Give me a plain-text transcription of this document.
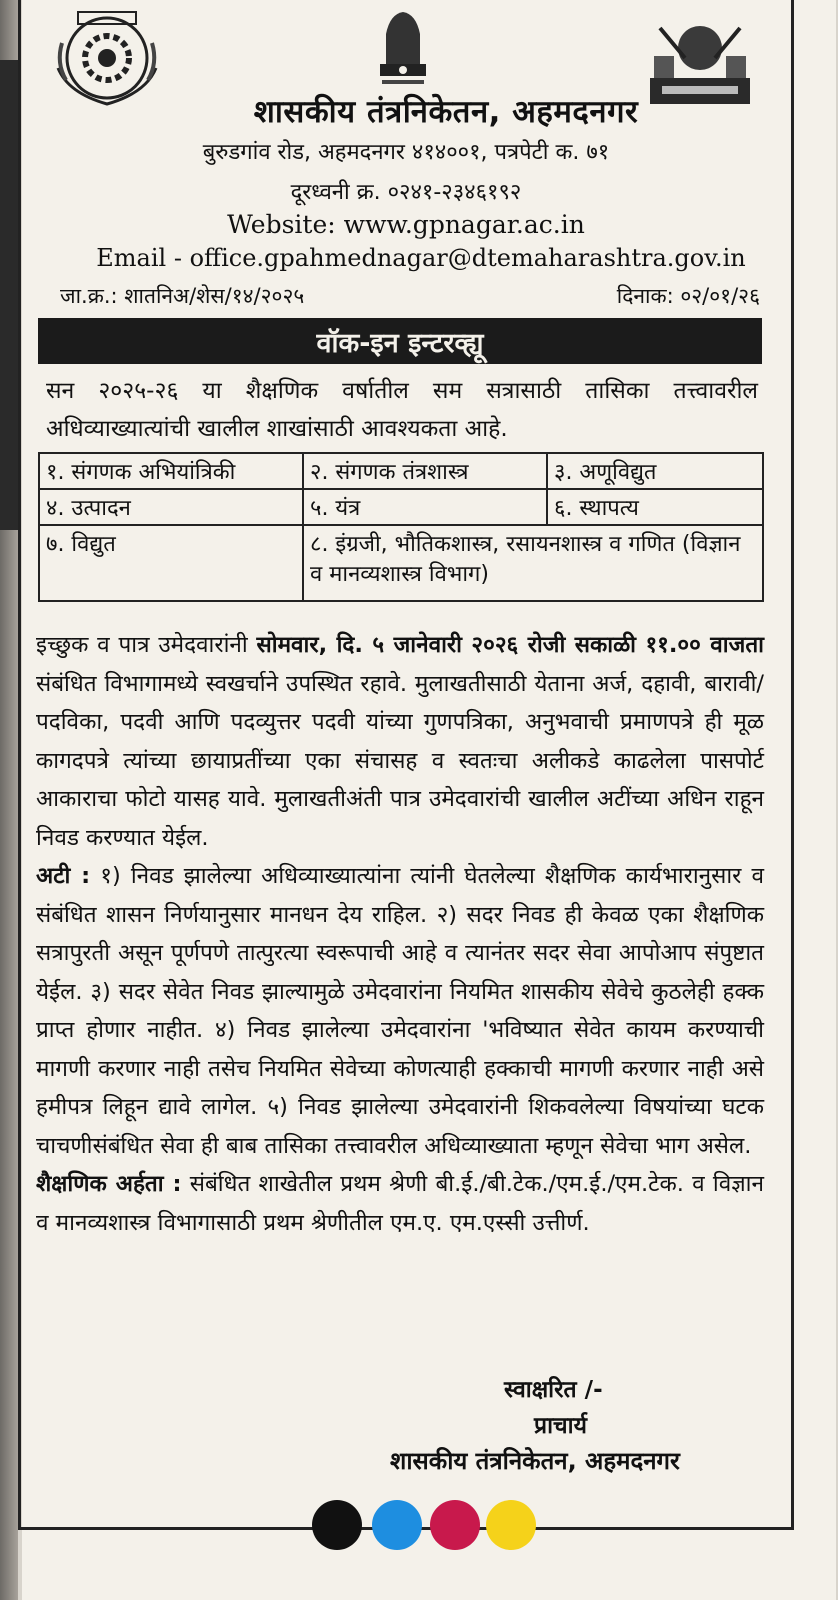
शासकीय तंत्रनिकेतन, अहमदनगर
बुरुडगांव रोड, अहमदनगर ४१४००१, पत्रपेटी क. ७१
दूरध्वनी क्र. ०२४१-२३४६१९२
Website: www.gpnagar.ac.in
Email - office.gpahmednagar@dtemaharashtra.gov.in
जा.क्र.: शातनिअ/शेस/१४/२०२५	दिनाक: ०२/०१/२६
वॉक-इन इन्टरव्ह्यू
सन २०२५-२६ या शैक्षणिक वर्षातील सम सत्रासाठी तासिका तत्त्वावरील अधिव्याख्यात्यांची खालील शाखांसाठी आवश्यकता आहे.
१. संगणक अभियांत्रिकी	२. संगणक तंत्रशास्त्र	३. अणूविद्युत
४. उत्पादन	५. यंत्र	६. स्थापत्य
७. विद्युत	८. इंग्रजी, भौतिकशास्त्र, रसायनशास्त्र व गणित (विज्ञान व मानव्यशास्त्र विभाग)	

इच्छुक व पात्र उमेदवारांनी सोमवार, दि. ५ जानेवारी २०२६ रोजी सकाळी ११.०० वाजता संबंधित विभागामध्ये स्वखर्चाने उपस्थित रहावे. मुलाखतीसाठी येताना अर्ज, दहावी, बारावी/पदविका, पदवी आणि पदव्युत्तर पदवी यांच्या गुणपत्रिका, अनुभवाची प्रमाणपत्रे ही मूळ कागदपत्रे त्यांच्या छायाप्रतींच्या एका संचासह व स्वतःचा अलीकडे काढलेला पासपोर्ट आकाराचा फोटो यासह यावे. मुलाखतीअंती पात्र उमेदवारांची खालील अटींच्या अधिन राहून निवड करण्यात येईल.

अटी : १) निवड झालेल्या अधिव्याख्यात्यांना त्यांनी घेतलेल्या शैक्षणिक कार्यभारानुसार व संबंधित शासन निर्णयानुसार मानधन देय राहिल. २) सदर निवड ही केवळ एका शैक्षणिक सत्रापुरती असून पूर्णपणे तात्पुरत्या स्वरूपाची आहे व त्यानंतर सदर सेवा आपोआप संपुष्टात येईल. ३) सदर सेवेत निवड झाल्यामुळे उमेदवारांना नियमित शासकीय सेवेचे कुठलेही हक्क प्राप्त होणार नाहीत. ४) निवड झालेल्या उमेदवारांना 'भविष्यात सेवेत कायम करण्याची मागणी करणार नाही तसेच नियमित सेवेच्या कोणत्याही हक्काची मागणी करणार नाही असे हमीपत्र लिहून द्यावे लागेल. ५) निवड झालेल्या उमेदवारांनी शिकवलेल्या विषयांच्या घटक चाचणीसंबंधित सेवा ही बाब तासिका तत्त्वावरील अधिव्याख्याता म्हणून सेवेचा भाग असेल.

शैक्षणिक अर्हता : संबंधित शाखेतील प्रथम श्रेणी बी.ई./बी.टेक./एम.ई./एम.टेक. व विज्ञान व मानव्यशास्त्र विभागासाठी प्रथम श्रेणीतील एम.ए. एम.एस्सी उत्तीर्ण.

स्वाक्षरित /-
प्राचार्य
शासकीय तंत्रनिकेतन, अहमदनगर
